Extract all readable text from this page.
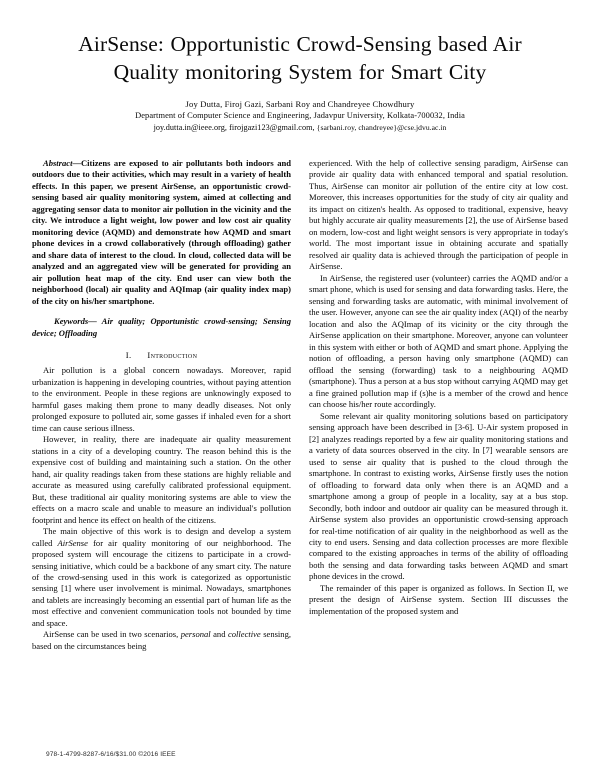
AirSense: Opportunistic Crowd-Sensing based Air Quality monitoring System for Smart City
Joy Dutta, Firoj Gazi, Sarbani Roy and Chandreyee Chowdhury
Department of Computer Science and Engineering, Jadavpur University, Kolkata-700032, India
joy.dutta.in@ieee.org, firojgazi123@gmail.com, {sarbani.roy, chandreyee}@cse.jdvu.ac.in

Abstract—Citizens are exposed to air pollutants both indoors and outdoors due to their activities, which may result in a variety of health effects. In this paper, we present AirSense, an opportunistic crowd-sensing based air quality monitoring system, aimed at collecting and aggregating sensor data to monitor air pollution in the vicinity and the city. We introduce a light weight, low power and low cost air quality monitoring device (AQMD) and demonstrate how AQMD and smart phone devices in a crowd collaboratively (through offloading) gather and share data of interest to the cloud. In cloud, collected data will be analyzed and an aggregated view will be generated for providing an air pollution heat map of the city. End user can view both the neighborhood (local) air quality and AQImap (air quality index map) of the city on his/her smartphone.

Keywords— Air quality; Opportunistic crowd-sensing; Sensing device; Offloading

I. Introduction

Air pollution is a global concern nowadays. Moreover, rapid urbanization is happening in developing countries, without paying attention to the environment. People in these regions are unknowingly exposed to harmful gases making them prone to many deadly diseases. Not only prolonged exposure to polluted air, some gasses if inhaled even for a short time can cause serious illness.

However, in reality, there are inadequate air quality measurement stations in a city of a developing country. The reason behind this is the expensive cost of building and maintaining such a station. On the other hand, air quality readings taken from these stations are highly reliable and accurate as measured using carefully calibrated professional equipment. But, these traditional air quality monitoring systems are able to view the effects on a macro scale and unable to measure an individual's pollution footprint and hence its effect on health of the citizens.

The main objective of this work is to design and develop a system called AirSense for air quality monitoring of our neighborhood. The proposed system will encourage the citizens to participate in a crowd-sensing initiative, which could be a backbone of any smart city. The nature of the crowd-sensing used in this work is categorized as opportunistic sensing [1] where user involvement is minimal. Nowadays, smartphones and tablets are increasingly becoming an essential part of human life as the most effective and convenient communication tools not bounded by time and space.

AirSense can be used in two scenarios, personal and collective sensing, based on the circumstances being

experienced. With the help of collective sensing paradigm, AirSense can provide air quality data with enhanced temporal and spatial resolution. Thus, AirSense can monitor air pollution of the entire city at low cost. Moreover, this increases opportunities for the study of city air quality and its impact on citizen's health. As opposed to traditional, expensive, heavy but highly accurate air quality measurements [2], the use of AirSense based on modern, low-cost and light weight sensors is very appropriate in today's world. The most important issue in obtaining accurate and spatially resolved air quality data is achieved through the participation of people in AirSense.

In AirSense, the registered user (volunteer) carries the AQMD and/or a smart phone, which is used for sensing and data forwarding tasks. Here, the sensing and forwarding tasks are automatic, with minimal involvement of the user. However, anyone can see the air quality index (AQI) of the nearby location and also the AQImap of its vicinity or the city through the AirSense application on their smartphone. Moreover, anyone can volunteer in this system with either or both of AQMD and smart phone. Applying the notion of offloading, a person having only smartphone (AQMD) can offload the sensing (forwarding) task to a neighbouring AQMD (smartphone). Thus a person at a bus stop without carrying AQMD may get a fine grained pollution map if (s)he is a member of the crowd and hence can choose his/her route accordingly.

Some relevant air quality monitoring solutions based on participatory sensing approach have been described in [3-6]. U-Air system proposed in [2] analyzes readings reported by a few air quality monitoring stations and a variety of data sources observed in the city. In [7] wearable sensors are used to sense air quality that is pushed to the cloud through the smartphone. In contrast to existing works, AirSense firstly uses the notion of offloading to forward data only when there is an AQMD and a smartphone among a group of people in a locality, say at a bus stop. Secondly, both indoor and outdoor air quality can be measured through it. AirSense system also provides an opportunistic crowd-sensing approach for real-time notification of air quality in the neighborhood as well as the city to end users. Sensing and data collection processes are more flexible compared to the existing approaches in terms of the ability of offloading both the sensing and data forwarding tasks between AQMD and smart phone devices in the crowd.

The remainder of this paper is organized as follows. In Section II, we present the design of AirSense system. Section III discusses the implementation of the proposed system and

978-1-4799-8287-6/16/$31.00 ©2016 IEEE
